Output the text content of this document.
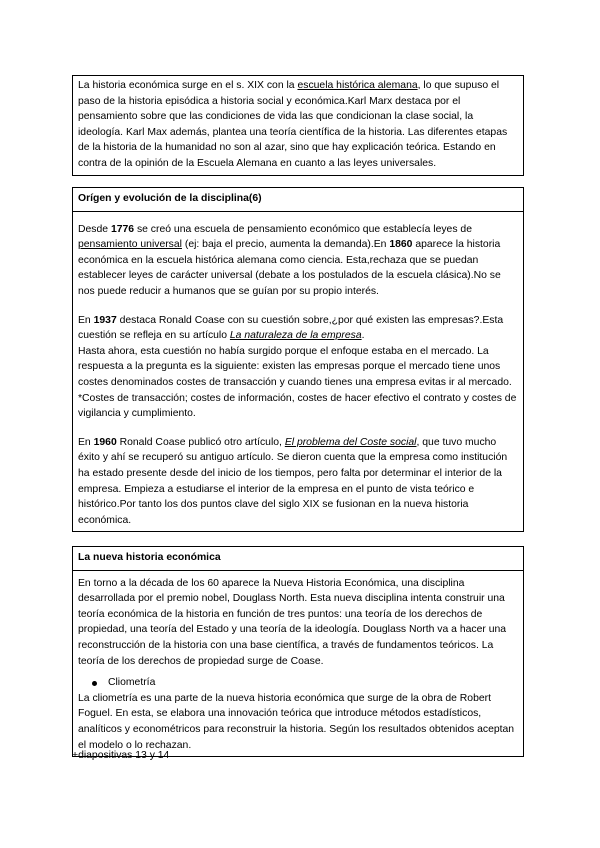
La historia económica surge en el s. XIX con la escuela histórica alemana, lo que supuso el paso de la historia episódica a historia social y económica.Karl Marx destaca por el pensamiento sobre que las condiciones de vida las que condicionan la clase social, la ideología. Karl Max además, plantea una teoría científica de la historia. Las diferentes etapas de la historia de la humanidad no son al azar, sino que hay explicación teórica. Estando en contra de la opinión de la Escuela Alemana en cuanto a las leyes universales.

Orígen y evolución de la disciplina(6)

Desde 1776 se creó una escuela de pensamiento económico que establecía leyes de pensamiento universal (ej: baja el precio, aumenta la demanda).En 1860 aparece la historia económica en la escuela histórica alemana como ciencia. Esta,rechaza que se puedan establecer leyes de carácter universal (debate a los postulados de la escuela clásica).No se nos puede reducir a humanos que se guían por su propio interés.

En 1937 destaca Ronald Coase con su cuestión sobre,¿por qué existen las empresas?.Esta cuestión se refleja en su artículo La naturaleza de la empresa.

Hasta ahora, esta cuestión no había surgido porque el enfoque estaba en el mercado. La respuesta a la pregunta es la siguiente: existen las empresas porque el mercado tiene unos costes denominados costes de transacción y cuando tienes una empresa evitas ir al mercado.

*Costes de transacción; costes de información, costes de hacer efectivo el contrato y costes de vigilancia y cumplimiento.

En 1960 Ronald Coase publicó otro artículo, El problema del Coste social, que tuvo mucho éxito y ahí se recuperó su antiguo artículo. Se dieron cuenta que la empresa como institución ha estado presente desde del inicio de los tiempos, pero falta por determinar el interior de la empresa. Empieza a estudiarse el interior de la empresa en el punto de vista teórico e histórico.Por tanto los dos puntos clave del siglo XIX se fusionan en la nueva historia económica.

La nueva historia económica

En torno a la década de los 60 aparece la Nueva Historia Económica, una disciplina desarrollada por el premio nobel, Douglass North. Esta nueva disciplina intenta construir una teoría económica de la historia en función de tres puntos: una teoría de los derechos de propiedad, una teoría del Estado y una teoría de la ideología. Douglass North va a hacer una reconstrucción de la historia con una base científica, a través de fundamentos teóricos. La teoría de los derechos de propiedad surge de Coase.

Cliometría

La cliometría es una parte de la nueva historia económica que surge de la obra de Robert Foguel. En esta, se elabora una innovación teórica que introduce métodos estadísticos, analíticos y econométricos para reconstruir la historia. Según los resultados obtenidos aceptan el modelo o lo rechazan.

+diapositivas 13 y 14
